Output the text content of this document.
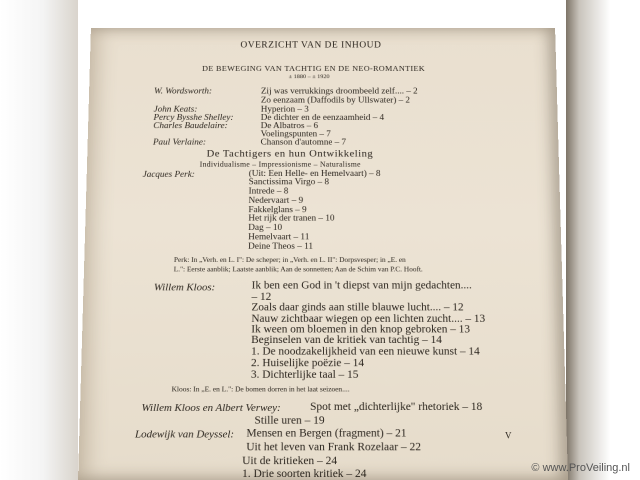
OVERZICHT VAN DE INHOUD
DE BEWEGING VAN TACHTIG EN DE NEO-ROMANTIEK
± 1880 – ± 1920
W. Wordsworth:	Zij was verrukkings droombeeld zelf.... – 2
Zo eenzaam (Daffodils by Ullswater) – 2
John Keats:	Hyperion – 3
Percy Bysshe Shelley:	De dichter en de eenzaamheid – 4
Charles Baudelaire:	De Albatros – 6
Voelingspunten – 7
Paul Verlaine:	Chanson d'automne – 7
De Tachtigers en hun Ontwikkeling
Individualisme – Impressionisme – Naturalisme
Jacques Perk:	(Uit: Een Helle- en Hemelvaart) – 8
Sanctissima Virgo – 8
Intrede – 8
Nedervaart – 9
Fakkelglans – 9
Het rijk der tranen – 10
Dag – 10
Hemelvaart – 11
Deine Theos – 11
Perk: In „Verh. en L. I": De scheper; in „Verh. en L. II": Dorpsvesper; in „E. en
L.": Eerste aanblik; Laatste aanblik; Aan de sonnetten; Aan de Schim van P.C. Hooft.
Willem Kloos:	Ik ben een God in 't diepst van mijn gedachten....
– 12
Zoals daar ginds aan stille blauwe lucht.... – 12
Nauw zichtbaar wiegen op een lichten zucht.... – 13
Ik ween om bloemen in den knop gebroken – 13
Beginselen van de kritiek van tachtig – 14
1. De noodzakelijkheid van een nieuwe kunst – 14
2. Huiselijke poëzie – 14
3. Dichterlijke taal – 15
Kloos: In „E. en L.": De bomen dorren in het laat seizoen....
Willem Kloos en Albert Verwey:	Spot met „dichterlijke" rhetoriek – 18
Stille uren – 19
Lodewijk van Deyssel: Mensen en Bergen (fragment) – 21
Uit het leven van Frank Rozelaar – 22
Uit de kritieken – 24
1. Drie soorten kritiek – 24
V
© www.ProVeiling.nl
